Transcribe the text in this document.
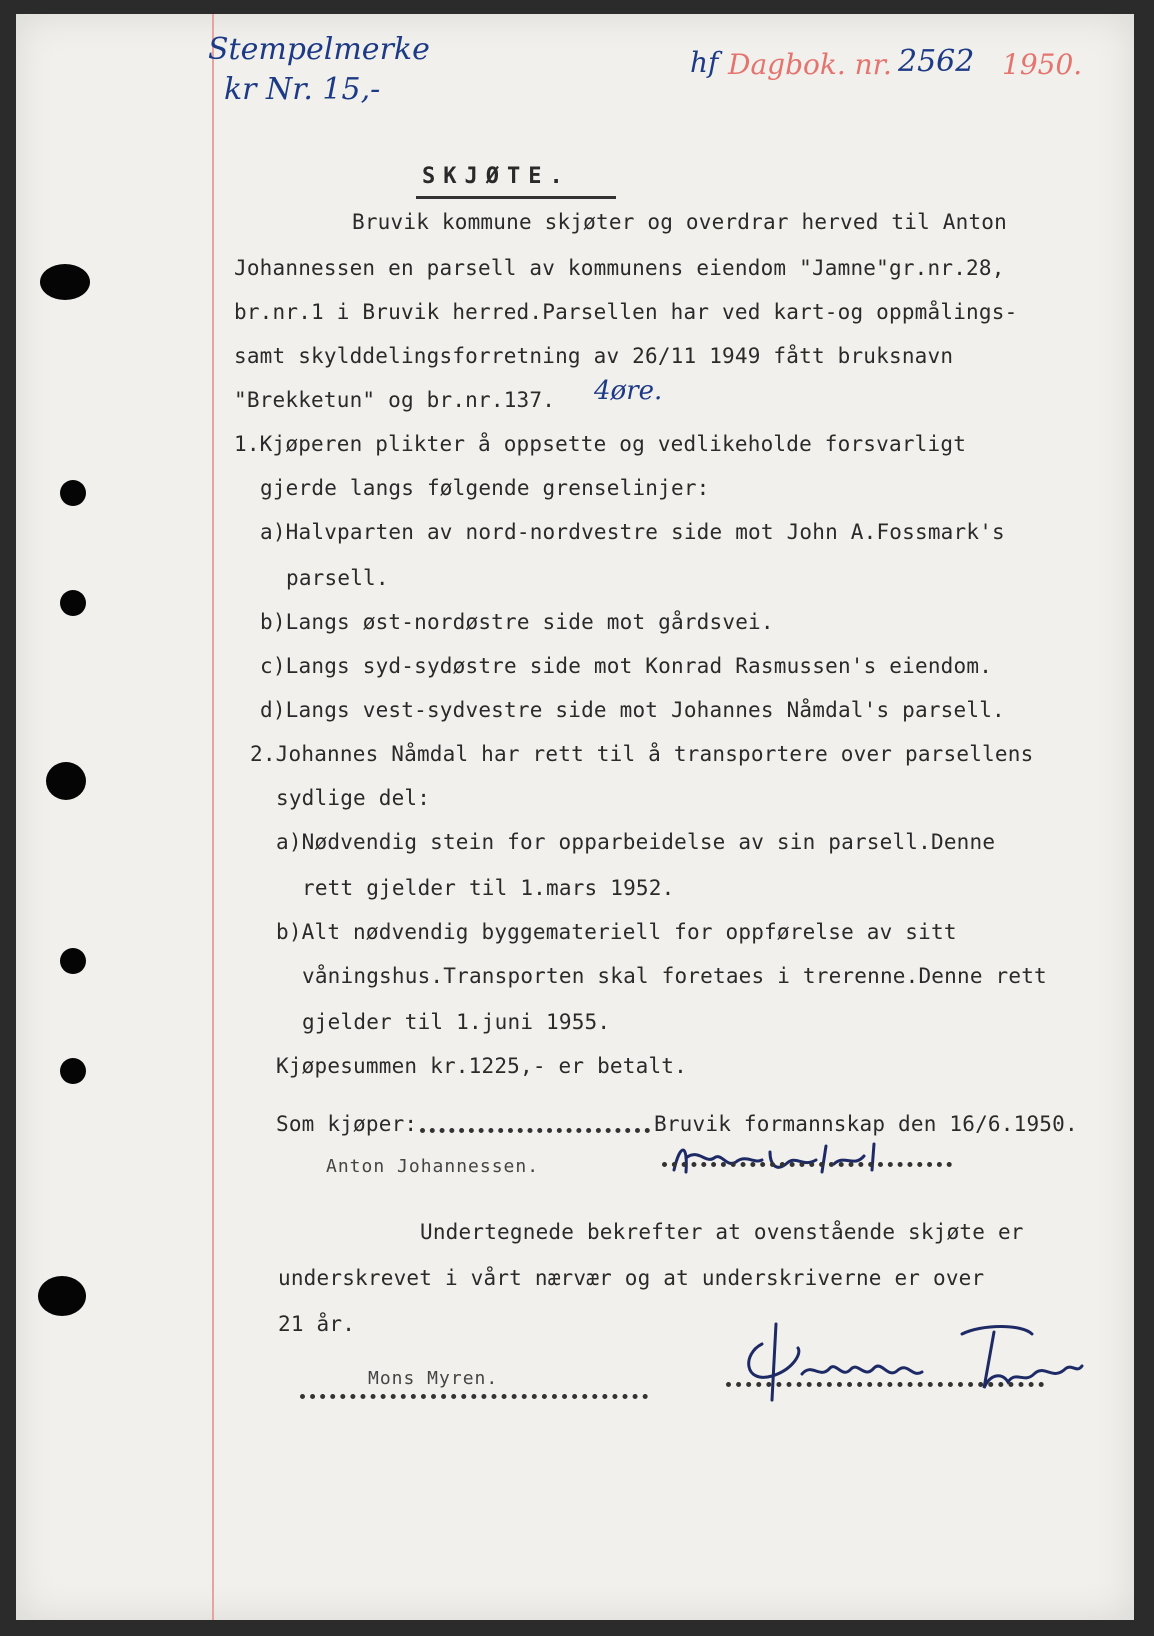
Stempelmerke
kr Nr. 15,-
hf Dagbok. nr. 2562 1950.
SKJØTE.
Bruvik kommune skjøter og overdrar herved til Anton
Johannessen en parsell av kommunens eiendom "Jamne"gr.nr.28,
br.nr.1 i Bruvik herred.Parsellen har ved kart-og oppmålings-
samt skylddelingsforretning av 26/11 1949 fått bruksnavn
"Brekketun" og br.nr.137. 4øre.
1.Kjøperen plikter å oppsette og vedlikeholde forsvarligt
gjerde langs følgende grenselinjer:
a)Halvparten av nord-nordvestre side mot John A.Fossmark's
parsell.
b)Langs øst-nordøstre side mot gårdsvei.
c)Langs syd-sydøstre side mot Konrad Rasmussen's eiendom.
d)Langs vest-sydvestre side mot Johannes Nåmdal's parsell.
2.Johannes Nåmdal har rett til å transportere over parsellens
sydlige del:
a)Nødvendig stein for opparbeidelse av sin parsell.Denne
rett gjelder til 1.mars 1952.
b)Alt nødvendig byggemateriell for oppførelse av sitt
våningshus.Transporten skal foretaes i trerenne.Denne rett
gjelder til 1.juni 1955.
Kjøpesummen kr.1225,- er betalt.
Som kjøper:	Bruvik formannskap den 16/6.1950.
Anton Johannessen.
Undertegnede bekrefter at ovenstående skjøte er
underskrevet i vårt nærvær og at underskriverne er over
21 år.
Mons Myren.
